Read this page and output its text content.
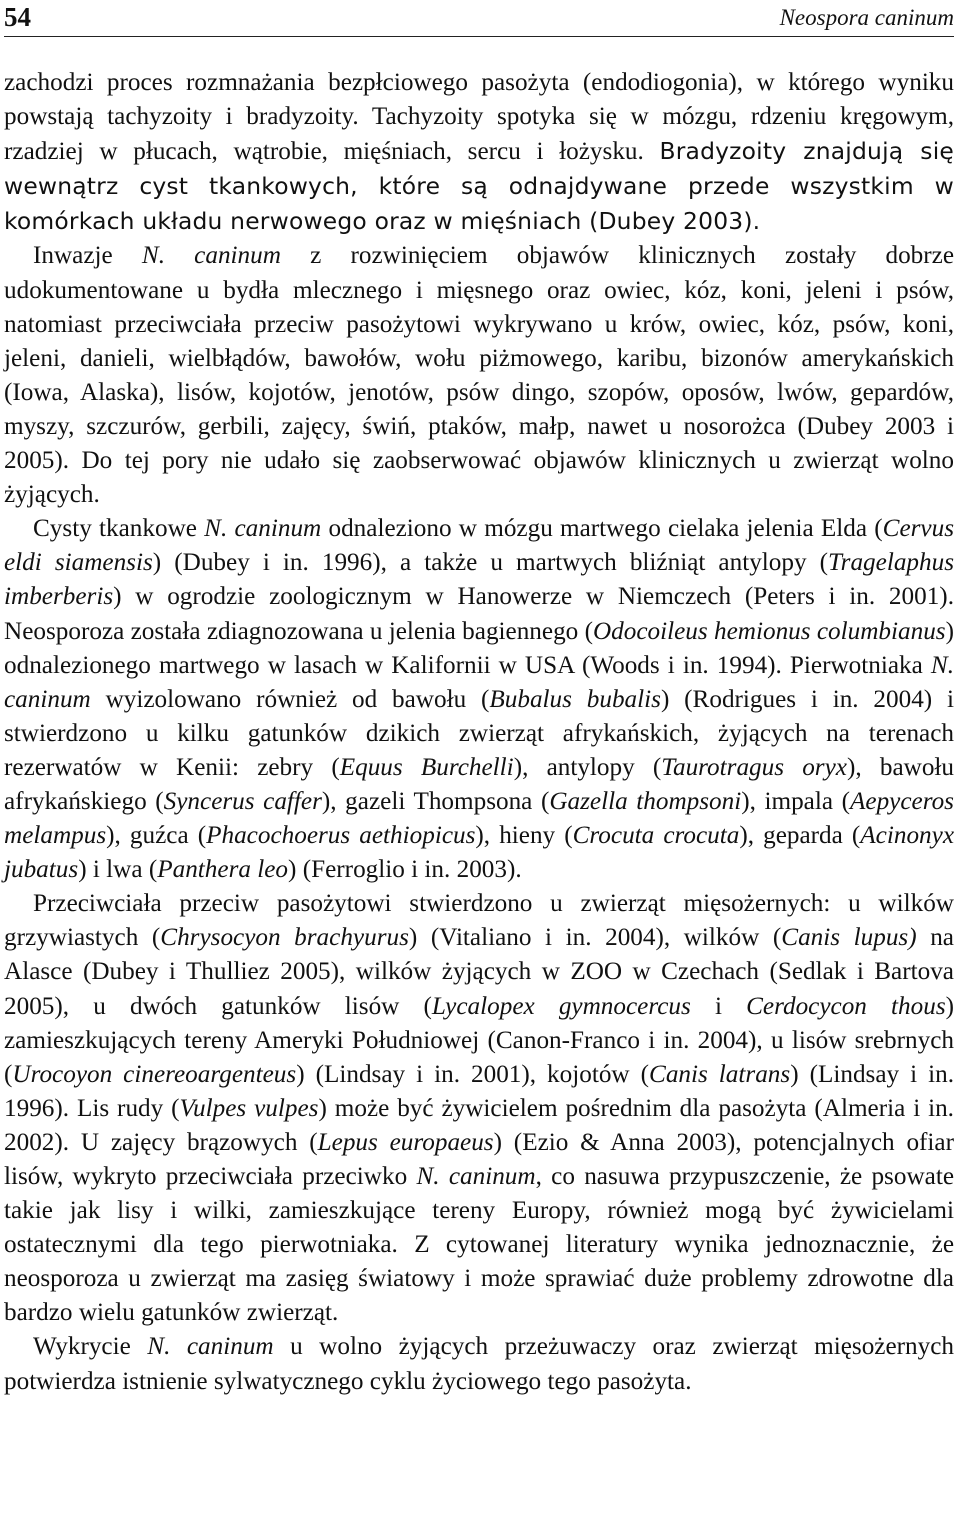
54	Neospora caninum

zachodzi proces rozmnażania bezpłciowego pasożyta (endodiogonia), w którego wyniku powstają tachyzoity i bradyzoity. Tachyzoity spotyka się w mózgu, rdzeniu kręgowym, rzadziej w płucach, wątrobie, mięśniach, sercu i łożysku. Bradyzoity znajdują się wewnątrz cyst tkankowych, które są odnajdywane przede wszystkim w komórkach układu nerwowego oraz w mięśniach (Dubey 2003).

Inwazje N. caninum z rozwinięciem objawów klinicznych zostały dobrze udokumentowane u bydła mlecznego i mięsnego oraz owiec, kóz, koni, jeleni i psów, natomiast przeciwciała przeciw pasożytowi wykrywano u krów, owiec, kóz, psów, koni, jeleni, danieli, wielbłądów, bawołów, wołu piżmowego, karibu, bizonów amerykańskich (Iowa, Alaska), lisów, kojotów, jenotów, psów dingo, szopów, oposów, lwów, gepardów, myszy, szczurów, gerbili, zajęcy, świń, ptaków, małp, nawet u nosorożca (Dubey 2003 i 2005). Do tej pory nie udało się zaobserwować objawów klinicznych u zwierząt wolno żyjących.

Cysty tkankowe N. caninum odnaleziono w mózgu martwego cielaka jelenia Elda (Cervus eldi siamensis) (Dubey i in. 1996), a także u martwych bliźniąt antylopy (Tragelaphus imberberis) w ogrodzie zoologicznym w Hanowerze w Niemczech (Peters i in. 2001). Neosporoza została zdiagnozowana u jelenia bagiennego (Odocoileus hemionus columbianus) odnalezionego martwego w lasach w Kalifornii w USA (Woods i in. 1994). Pierwotniaka N. caninum wyizolowano również od bawołu (Bubalus bubalis) (Rodrigues i in. 2004) i stwierdzono u kilku gatunków dzikich zwierząt afrykańskich, żyjących na terenach rezerwatów w Kenii: zebry (Equus Burchelli), antylopy (Taurotragus oryx), bawołu afrykańskiego (Syncerus caffer), gazeli Thompsona (Gazella thompsoni), impala (Aepyceros melampus), guźca (Phacochoerus aethiopicus), hieny (Crocuta crocuta), geparda (Acinonyx jubatus) i lwa (Panthera leo) (Ferroglio i in. 2003).

Przeciwciała przeciw pasożytowi stwierdzono u zwierząt mięsożernych: u wilków grzywiastych (Chrysocyon brachyurus) (Vitaliano i in. 2004), wilków (Canis lupus) na Alasce (Dubey i Thulliez 2005), wilków żyjących w ZOO w Czechach (Sedlak i Bartova 2005), u dwóch gatunków lisów (Lycalopex gymnocercus i Cerdocycon thous) zamieszkujących tereny Ameryki Południowej (Canon-Franco i in. 2004), u lisów srebrnych (Urocoyon cinereoargenteus) (Lindsay i in. 2001), kojotów (Canis latrans) (Lindsay i in. 1996). Lis rudy (Vulpes vulpes) może być żywicielem pośrednim dla pasożyta (Almeria i in. 2002). U zajęcy brązowych (Lepus europaeus) (Ezio & Anna 2003), potencjalnych ofiar lisów, wykryto przeciwciała przeciwko N. caninum, co nasuwa przypuszczenie, że psowate takie jak lisy i wilki, zamieszkujące tereny Europy, również mogą być żywicielami ostatecznymi dla tego pierwotniaka. Z cytowanej literatury wynika jednoznacznie, że neosporoza u zwierząt ma zasięg światowy i może sprawiać duże problemy zdrowotne dla bardzo wielu gatunków zwierząt.

Wykrycie N. caninum u wolno żyjących przeżuwaczy oraz zwierząt mięsożernych potwierdza istnienie sylwatycznego cyklu życiowego tego pasożyta.
